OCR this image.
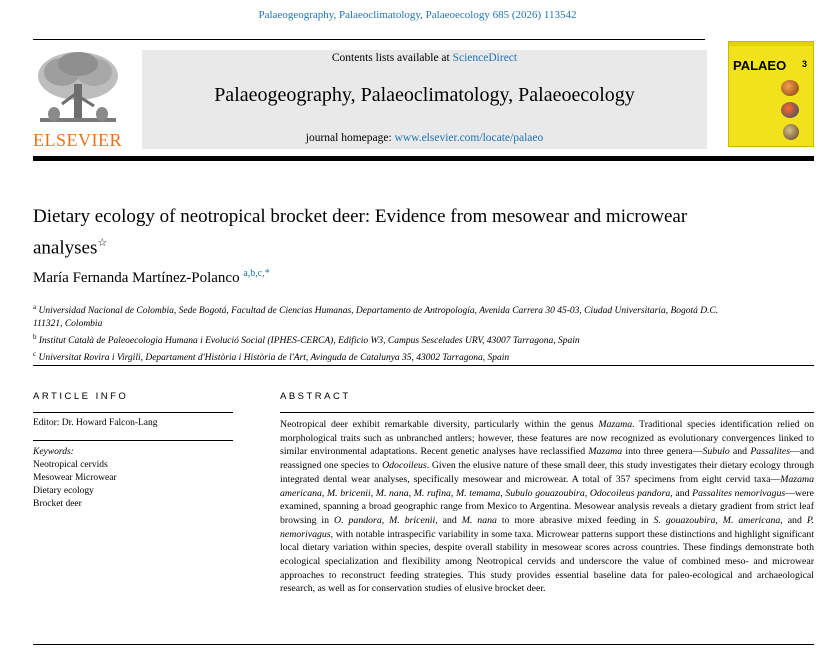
Palaeogeography, Palaeoclimatology, Palaeoecology 685 (2026) 113542
ELSEVIER
Contents lists available at ScienceDirect
Palaeogeography, Palaeoclimatology, Palaeoecology
journal homepage: www.elsevier.com/locate/palaeo
PALAEO 3
Dietary ecology of neotropical brocket deer: Evidence from mesowear and microwear analyses☆
María Fernanda Martínez-Polanco $^{a,b,c,*}$
$^a$ Universidad Nacional de Colombia, Sede Bogotá, Facultad de Ciencias Humanas, Departamento de Antropología, Avenida Carrera 30 45-03, Ciudad Universitaria, Bogotá D.C. 111321, Colombia
$^b$ Institut Català de Paleoecologia Humana i Evolució Social (IPHES-CERCA), Edificio W3, Campus Sescelades URV, 43007 Tarragona, Spain
$^c$ Universitat Rovira i Virgili, Departament d'Història i Història de l'Art, Avinguda de Catalunya 35, 43002 Tarragona, Spain
ARTICLE INFO
Editor: Dr. Howard Falcon-Lang
Keywords:
Neotropical cervids
Mesowear Microwear
Dietary ecology
Brocket deer
ABSTRACT
Neotropical deer exhibit remarkable diversity, particularly within the genus Mazama. Traditional species identification relied on morphological traits such as unbranched antlers; however, these features are now recognized as evolutionary convergences linked to similar environmental adaptations. Recent genetic analyses have reclassified Mazama into three genera—Subulo and Passalites—and reassigned one species to Odocoileus. Given the elusive nature of these small deer, this study investigates their dietary ecology through integrated dental wear analyses, specifically mesowear and microwear. A total of 357 specimens from eight cervid taxa—Mazama americana, M. bricenii, M. nana, M. rufina, M. temama, Subulo gouazoubira, Odocoileus pandora, and Passalites nemorivagus—were examined, spanning a broad geographic range from Mexico to Argentina. Mesowear analysis reveals a dietary gradient from strict leaf browsing in O. pandora, M. bricenii, and M. nana to more abrasive mixed feeding in S. gouazoubira, M. americana, and P. nemorivagus, with notable intraspecific variability in some taxa. Microwear patterns support these distinctions and highlight significant local dietary variation within species, despite overall stability in mesowear scores across countries. These findings demonstrate both ecological specialization and flexibility among Neotropical cervids and underscore the value of combined meso- and microwear approaches to reconstruct feeding strategies. This study provides essential baseline data for paleo-ecological and archaeological research, as well as for conservation studies of elusive brocket deer.
